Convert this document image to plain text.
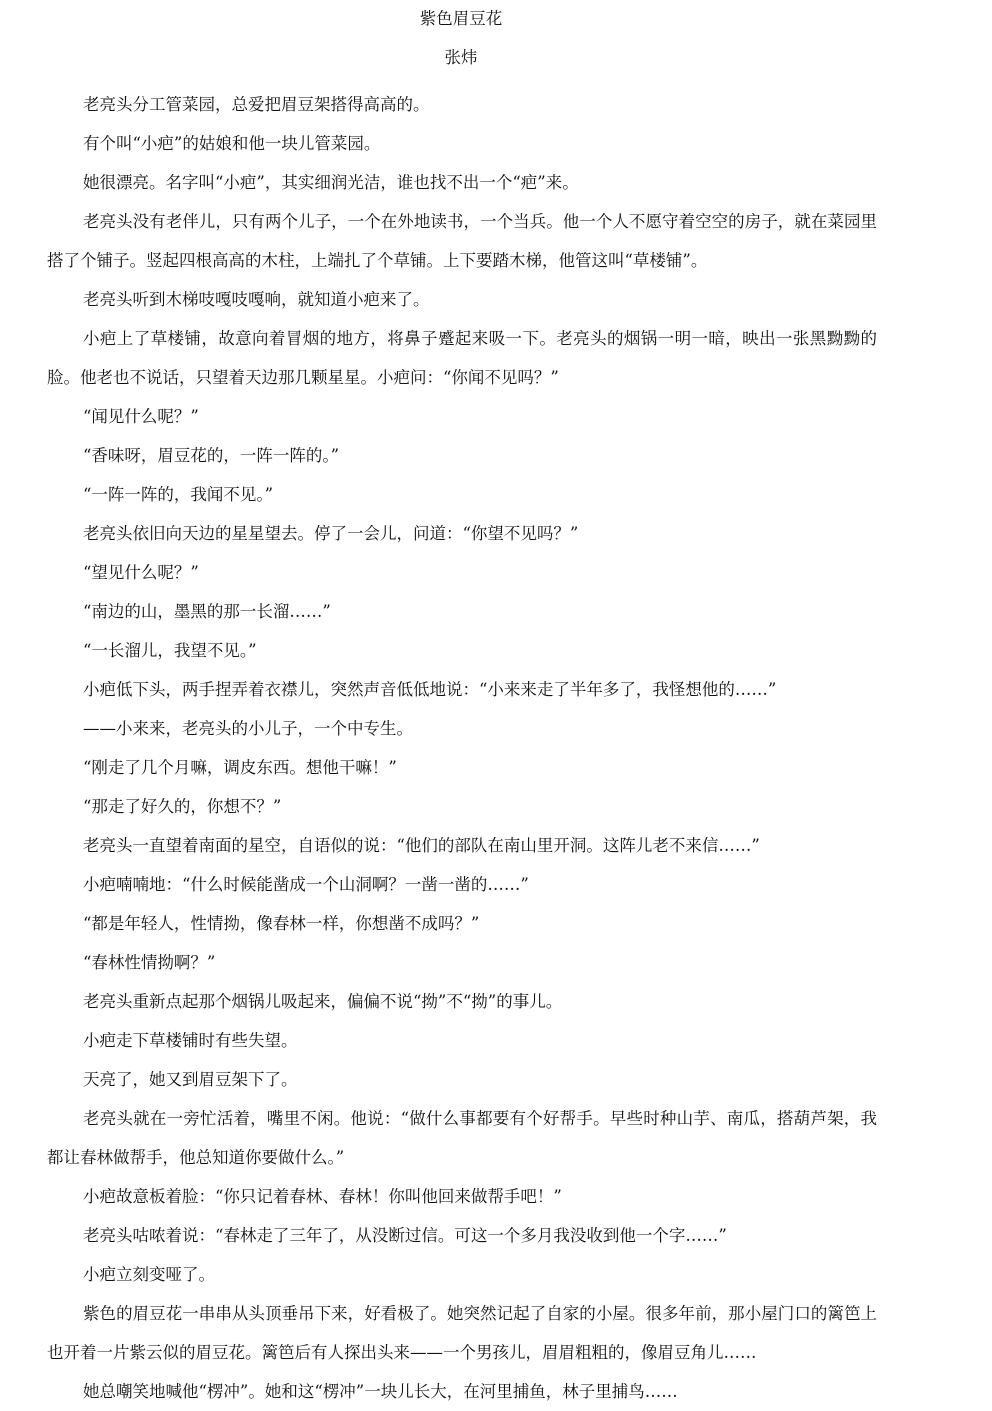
紫色眉豆花
张炜

老亮头分工管菜园，总爱把眉豆架搭得高高的。

有个叫“小疤”的姑娘和他一块儿管菜园。

她很漂亮。名字叫“小疤”，其实细润光洁，谁也找不出一个“疤”来。

老亮头没有老伴儿，只有两个儿子，一个在外地读书，一个当兵。他一个人不愿守着空空的房子，就在菜园里搭了个铺子。竖起四根高高的木柱，上端扎了个草铺。上下要踏木梯，他管这叫“草楼铺”。

老亮头听到木梯吱嘎吱嘎响，就知道小疤来了。

小疤上了草楼铺，故意向着冒烟的地方，将鼻子蹙起来吸一下。老亮头的烟锅一明一暗，映出一张黑黝黝的脸。他老也不说话，只望着天边那几颗星星。小疤问：“你闻不见吗？”

“闻见什么呢？”

“香味呀，眉豆花的，一阵一阵的。”

“一阵一阵的，我闻不见。”

老亮头依旧向天边的星星望去。停了一会儿，问道：“你望不见吗？”

“望见什么呢？”

“南边的山，墨黑的那一长溜……”

“一长溜儿，我望不见。”

小疤低下头，两手捏弄着衣襟儿，突然声音低低地说：“小来来走了半年多了，我怪想他的……”

——小来来，老亮头的小儿子，一个中专生。

“刚走了几个月嘛，调皮东西。想他干嘛！”

“那走了好久的，你想不？”

老亮头一直望着南面的星空，自语似的说：“他们的部队在南山里开洞。这阵儿老不来信……”

小疤喃喃地：“什么时候能凿成一个山洞啊？一凿一凿的……”

“都是年轻人，性情拗，像春林一样，你想凿不成吗？”

“春林性情拗啊？”

老亮头重新点起那个烟锅儿吸起来，偏偏不说“拗”不“拗”的事儿。

小疤走下草楼铺时有些失望。

天亮了，她又到眉豆架下了。

老亮头就在一旁忙活着，嘴里不闲。他说：“做什么事都要有个好帮手。早些时种山芋、南瓜，搭葫芦架，我都让春林做帮手，他总知道你要做什么。”

小疤故意板着脸：“你只记着春林、春林！你叫他回来做帮手吧！”

老亮头咕哝着说：“春林走了三年了，从没断过信。可这一个多月我没收到他一个字……”

小疤立刻变哑了。

紫色的眉豆花一串串从头顶垂吊下来，好看极了。她突然记起了自家的小屋。很多年前，那小屋门口的篱笆上也开着一片紫云似的眉豆花。篱笆后有人探出头来——一个男孩儿，眉眉粗粗的，像眉豆角儿……

她总嘲笑地喊他“楞冲”。她和这“楞冲”一块儿长大，在河里捕鱼，林子里捕鸟……
